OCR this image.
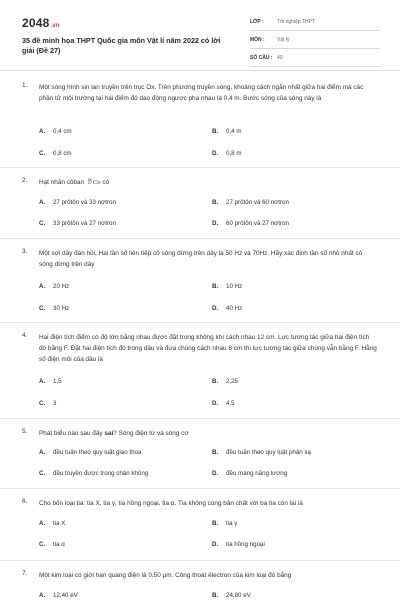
2048.vn
35 đề minh họa THPT Quốc gia môn Vật lí năm 2022 có lời giải (Đề 27)
LỚP :	Tốt nghiệp THPT
MÔN : Vật lý
SỐ CÂU : 40
1. Một sóng hình sin lan truyền trên trục Ox. Trên phương truyền sóng, khoảng cách ngắn nhất giữa hai điểm mà các phần tử môi trường tại hai điểm đó dao động ngược pha nhau là 0,4 m. Bước sóng của sóng này là
A. 0,4 cm	B. 0,4 m
C. 0,8 cm	D. 0,8 m
2. Hạt nhân côban 60
27Co có
A. 27 prôtôn và 33 nơtron	B. 27 prôtôn và 60 nơtron
C. 33 prôtôn và 27 nơtron	D. 60 prôtôn và 27 nơtron
3. Một sợi dây đàn hồi, Hai tần số liên tiếp có sóng dừng trên dây là 50 Hz và 70Hz. Hãy xác định tần số nhỏ nhất có sóng dừng trên dây
A. 20 Hz	B. 10 Hz
C. 30 Hz	D. 40 Hz
4. Hai điện tích điểm có độ lớn bằng nhau được đặt trong không khí cách nhau 12 cm. Lực tương tác giữa hai điện tích đó bằng F. Đặt hai điện tích đó trong dầu và đưa chúng cách nhau 8 cm thì lực tương tác giữa chúng vẫn bằng F. Hằng số điện môi của dầu là
A. 1,5	B. 2,25
C. 3	D. 4,5
5. Phát biểu nào sau đây sai? Sóng điện từ và sóng cơ
A. đều tuân theo quy luật giao thoa	B. đều tuân theo quy luật phản xạ
C. đều truyền được trong chân không	D. đều mang năng lượng
6. Cho bốn loại tia: tia X, tia γ, tia hồng ngoại, tia α. Tia không cùng bản chất với ba tia còn lại là
A. tia X	B. tia γ
C. tia α	D. tia hồng ngoại
7. Một kim loại có giới hạn quang điện là 0,50 μm. Công thoát êlectron của kim loại đó bằng
A. 12,40 eV	B. 24,80 eV
